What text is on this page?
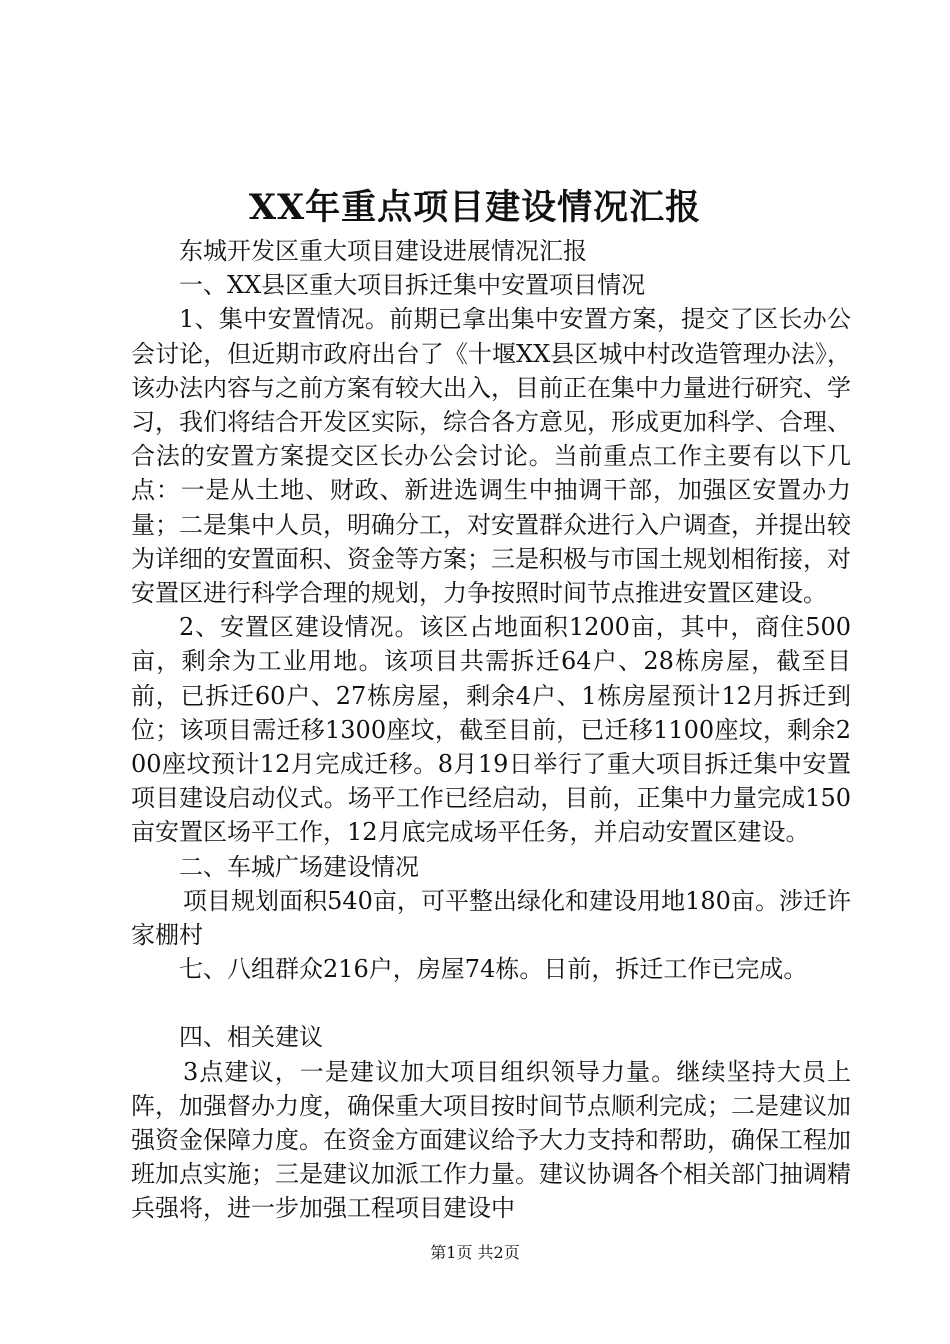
XX年重点项目建设情况汇报

东城开发区重大项目建设进展情况汇报

一、XX县区重大项目拆迁集中安置项目情况

1、集中安置情况。前期已拿出集中安置方案，提交了区长办公会讨论，但近期市政府出台了《十堰XX县区城中村改造管理办法》，该办法内容与之前方案有较大出入，目前正在集中力量进行研究、学习，我们将结合开发区实际，综合各方意见，形成更加科学、合理、合法的安置方案提交区长办公会讨论。当前重点工作主要有以下几点：一是从土地、财政、新进选调生中抽调干部，加强区安置办力量；二是集中人员，明确分工，对安置群众进行入户调查，并提出较为详细的安置面积、资金等方案；三是积极与市国土规划相衔接，对安置区进行科学合理的规划，力争按照时间节点推进安置区建设。

2、安置区建设情况。该区占地面积1200亩，其中，商住500亩，剩余为工业用地。该项目共需拆迁64户、28栋房屋，截至目前，已拆迁60户、27栋房屋，剩余4户、1栋房屋预计12月拆迁到位；该项目需迁移1300座坟，截至目前，已迁移1100座坟，剩余200座坟预计12月完成迁移。8月19日举行了重大项目拆迁集中安置项目建设启动仪式。场平工作已经启动，目前，正集中力量完成150亩安置区场平工作，12月底完成场平任务，并启动安置区建设。

二、车城广场建设情况

项目规划面积540亩，可平整出绿化和建设用地180亩。涉迁许家棚村

七、八组群众216户，房屋74栋。日前，拆迁工作已完成。

四、相关建议

3点建议，一是建议加大项目组织领导力量。继续坚持大员上阵，加强督办力度，确保重大项目按时间节点顺利完成；二是建议加强资金保障力度。在资金方面建议给予大力支持和帮助，确保工程加班加点实施；三是建议加派工作力量。建议协调各个相关部门抽调精兵强将，进一步加强工程项目建设中

第1页 共2页
